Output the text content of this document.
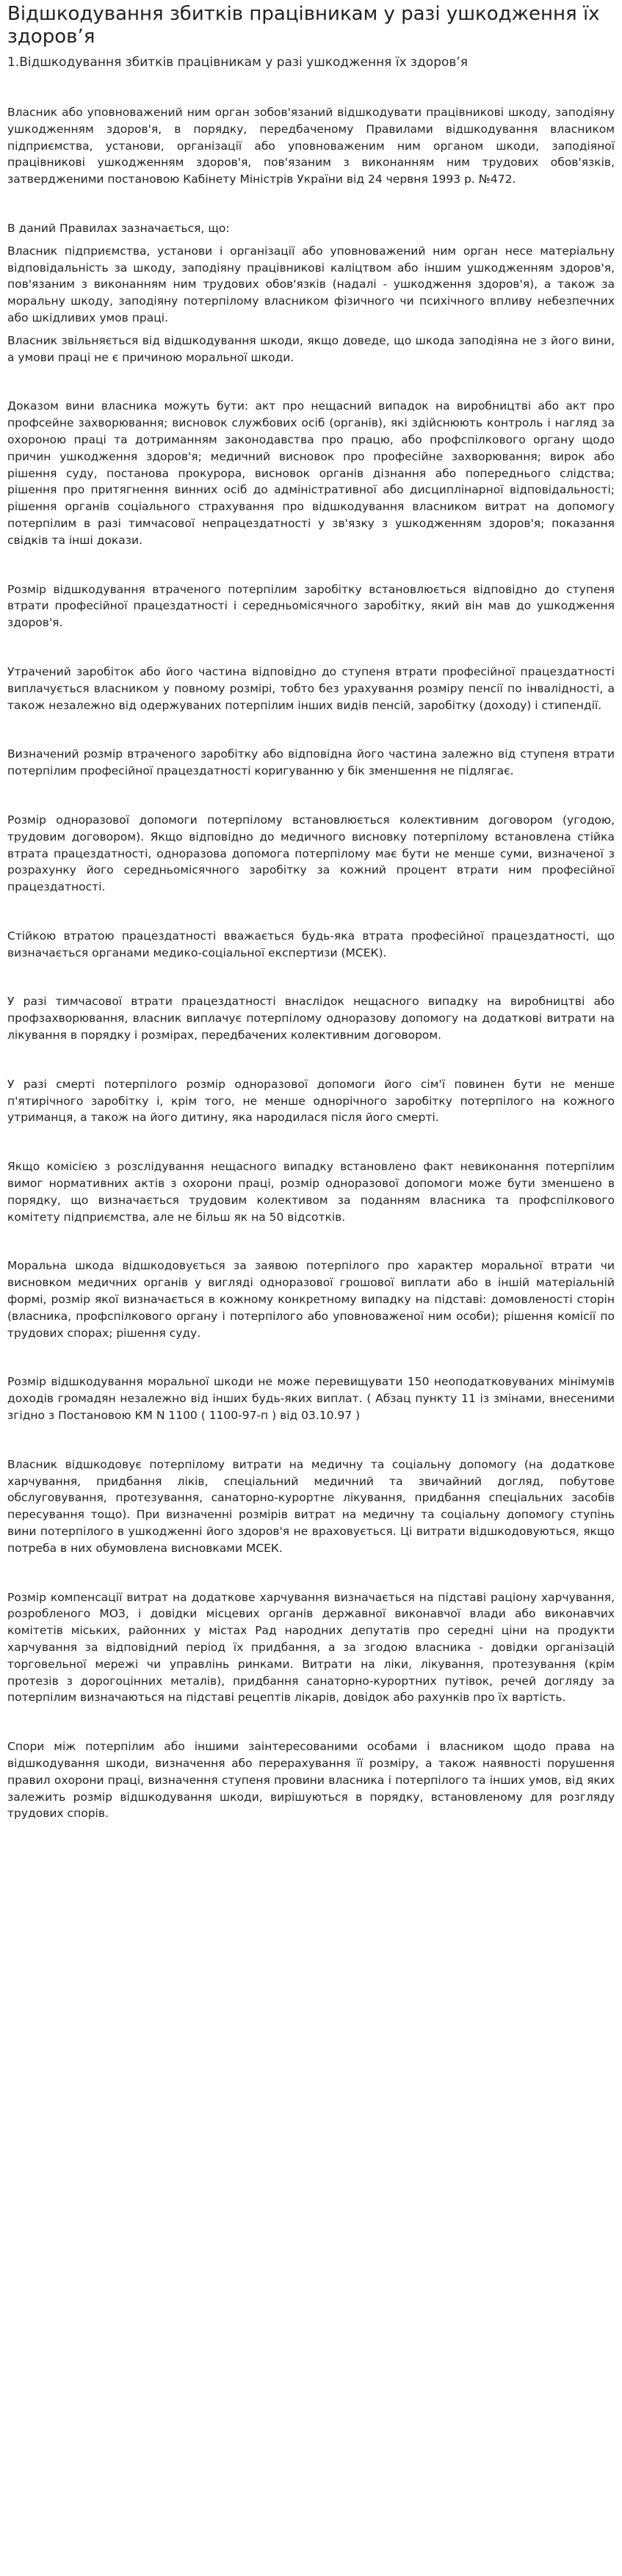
Відшкодування збитків працівникам у разі ушкодження їх здоров’я
1.Відшкодування збитків працівникам у разі ушкодження їх здоров’я

Власник або уповноважений ним орган зобов'язаний відшкодувати працівникові шкоду, заподіяну ушкодженням здоров'я, в порядку, передбаченому Правилами відшкодування власником підприємства, установи, організації або уповноваженим ним органом шкоди, заподіяної працівникові ушкодженням здоров'я, пов'язаним з виконанням ним трудових обов'язків, затвердженими постановою Кабінету Міністрів України від 24 червня 1993 р. №472.

В даний Правилах зазначається, що:

Власник підприємства, установи і організації або уповноважений ним орган несе матеріальну відповідальність за шкоду, заподіяну працівникові каліцтвом або іншим ушкодженням здоров'я, пов'язаним з виконанням ним трудових обов'язків (надалі - ушкодження здоров'я), а також за моральну шкоду, заподіяну потерпілому власником фізичного чи психічного впливу небезпечних або шкідливих умов праці.

Власник звільняється від відшкодування шкоди, якщо доведе, що шкода заподіяна не з його вини, а умови праці не є причиною моральної шкоди.

Доказом вини власника можуть бути: акт про нещасний випадок на виробництві або акт про профсейне захворювання; висновок службових осіб (органів), які здійснюють контроль і нагляд за охороною праці та дотриманням законодавства про працю, або профспілкового органу щодо причин ушкодження здоров'я; медичний висновок про професійне захворювання; вирок або рішення суду, постанова прокурора, висновок органів дізнання або попереднього слідства; рішення про притягнення винних осіб до адміністративної або дисциплінарної відповідальності; рішення органів соціального страхування про відшкодування власником витрат на допомогу потерпілим в разі тимчасової непрацездатності у зв'язку з ушкодженням здоров'я; показання свідків та інші докази.

Розмір відшкодування втраченого потерпілим заробітку встановлюється відповідно до ступеня втрати професійної працездатності і середньомісячного заробітку, який він мав до ушкодження здоров'я.

Утрачений заробіток або його частина відповідно до ступеня втрати професійної працездатності виплачується власником у повному розмірі, тобто без урахування розміру пенсії по інвалідності, а також незалежно від одержуваних потерпілим інших видів пенсій, заробітку (доходу) і стипендії.

Визначений розмір втраченого заробітку або відповідна його частина залежно від ступеня втрати потерпілим професійної працездатності коригуванню у бік зменшення не підлягає.

Розмір одноразової допомоги потерпілому встановлюється колективним договором (угодою, трудовим договором). Якщо відповідно до медичного висновку потерпілому встановлена стійка втрата працездатності, одноразова допомога потерпілому має бути не менше суми, визначеної з розрахунку його середньомісячного заробітку за кожний процент втрати ним професійної працездатності.

Стійкою втратою працездатності вважається будь-яка втрата професійної працездатності, що визначається органами медико-соціальної експертизи (МСЕК).

У разі тимчасової втрати працездатності внаслідок нещасного випадку на виробництві або профзахворювання, власник виплачує потерпілому одноразову допомогу на додаткові витрати на лікування в порядку і розмірах, передбачених колективним договором.

У разі смерті потерпілого розмір одноразової допомоги його сім'ї повинен бути не менше п'ятирічного заробітку і, крім того, не менше однорічного заробітку потерпілого на кожного утриманця, а також на його дитину, яка народилася після його смерті.

Якщо комісією з розслідування нещасного випадку встановлено факт невиконання потерпілим вимог нормативних актів з охорони праці, розмір одноразової допомоги може бути зменшено в порядку, що визначається трудовим колективом за поданням власника та профспілкового комітету підприємства, але не більш як на 50 відсотків.

Моральна шкода відшкодовується за заявою потерпілого про характер моральної втрати чи висновком медичних органів у вигляді одноразової грошової виплати або в іншій матеріальній формі, розмір якої визначається в кожному конкретному випадку на підставі: домовленості сторін (власника, профспілкового органу і потерпілого або уповноваженої ним особи); рішення комісії по трудових спорах; рішення суду.

Розмір відшкодування моральної шкоди не може перевищувати 150 неоподатковуваних мінімумів доходів громадян незалежно від інших будь-яких виплат. ( Абзац пункту 11 із змінами, внесеними згідно з Постановою КМ N 1100 ( 1100-97-п ) від 03.10.97 )

Власник відшкодовує потерпілому витрати на медичну та соціальну допомогу (на додаткове харчування, придбання ліків, спеціальний медичний та звичайний догляд, побутове обслуговування, протезування, санаторно-курортне лікування, придбання спеціальних засобів пересування тощо). При визначенні розмірів витрат на медичну та соціальну допомогу ступінь вини потерпілого в ушкодженні його здоров'я не враховується. Ці витрати відшкодовуються, якщо потреба в них обумовлена висновками МСЕК.

Розмір компенсації витрат на додаткове харчування визначається на підставі раціону харчування, розробленого МОЗ, і довідки місцевих органів державної виконавчої влади або виконавчих комітетів міських, районних у містах Рад народних депутатів про середні ціни на продукти харчування за відповідний період їх придбання, а за згодою власника - довідки організацій торговельної мережі чи управлінь ринками. Витрати на ліки, лікування, протезування (крім протезів з дорогоцінних металів), придбання санаторно-курортних путівок, речей догляду за потерпілим визначаються на підставі рецептів лікарів, довідок або рахунків про їх вартість.

Спори між потерпілим або іншими заінтересованими особами і власником щодо права на відшкодування шкоди, визначення або перерахування її розміру, а також наявності порушення правил охорони праці, визначення ступеня провини власника і потерпілого та інших умов, від яких залежить розмір відшкодування шкоди, вирішуються в порядку, встановленому для розгляду трудових спорів.
